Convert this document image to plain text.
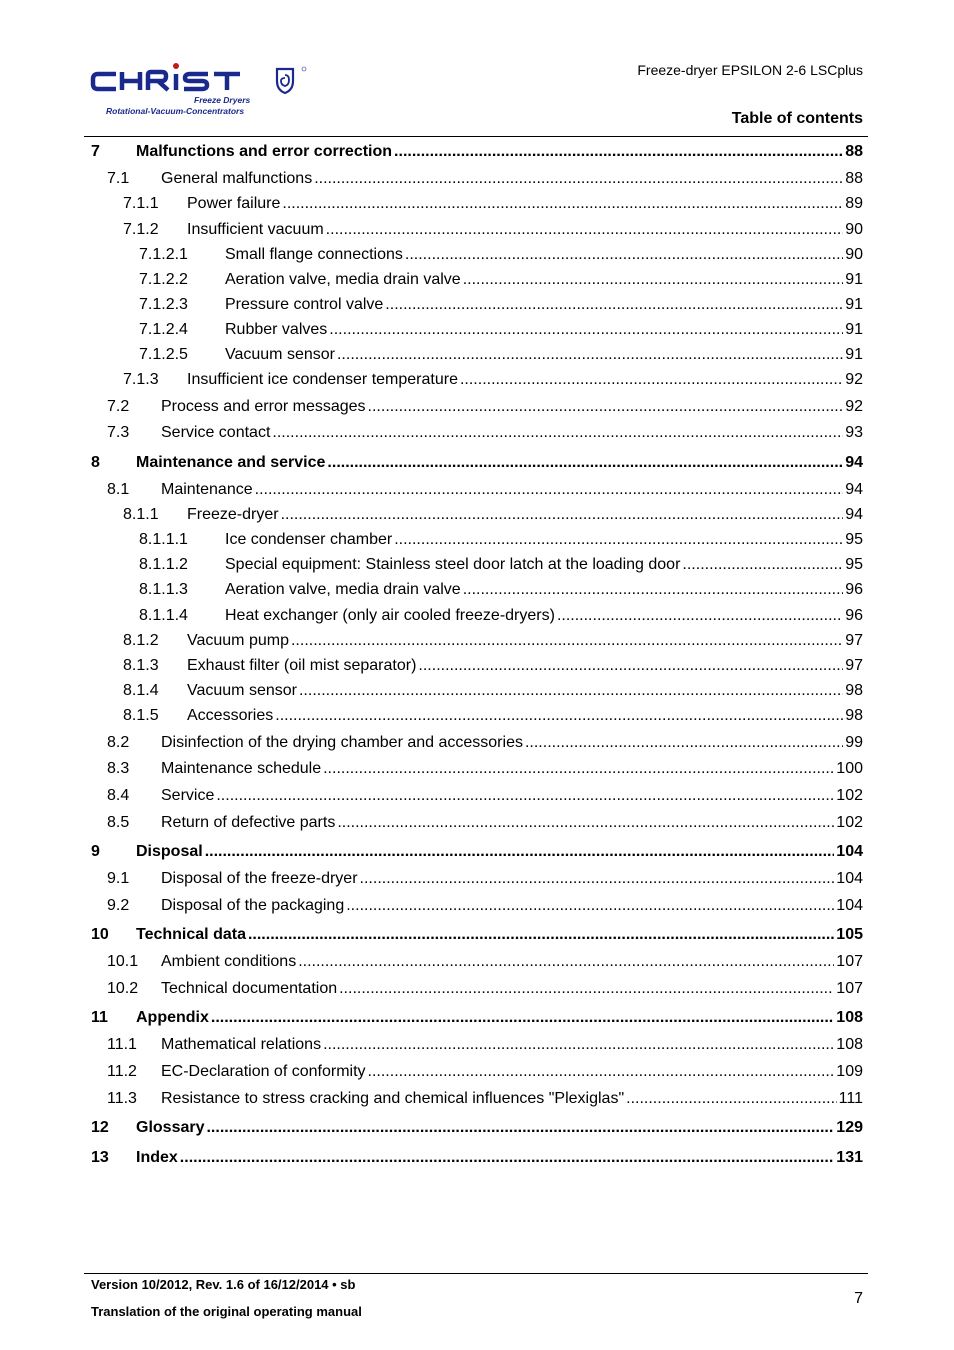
Freeze Dryers
Rotational-Vacuum-Concentrators
Freeze-dryer EPSILON 2-6 LSCplus
Table of contents
7 Malfunctions and error correction .....	88
7.1 General malfunctions .....	88
7.1.1 Power failure .....	89
7.1.2 Insufficient vacuum .....	90
7.1.2.1 Small flange connections .....	90
7.1.2.2 Aeration valve, media drain valve .....	91
7.1.2.3 Pressure control valve .....	91
7.1.2.4 Rubber valves .....	91
7.1.2.5 Vacuum sensor .....	91
7.1.3 Insufficient ice condenser temperature .....	92
7.2 Process and error messages .....	92
7.3 Service contact .....	93
8 Maintenance and service .....	94
8.1 Maintenance .....	94
8.1.1 Freeze-dryer .....	94
8.1.1.1 Ice condenser chamber .....	95
8.1.1.2 Special equipment: Stainless steel door latch at the loading door .....	95
8.1.1.3 Aeration valve, media drain valve .....	96
8.1.1.4 Heat exchanger (only air cooled freeze-dryers) .....	96
8.1.2 Vacuum pump .....	97
8.1.3 Exhaust filter (oil mist separator) .....	97
8.1.4 Vacuum sensor .....	98
8.1.5 Accessories .....	98
8.2 Disinfection of the drying chamber and accessories .....	99
8.3 Maintenance schedule .....	100
8.4 Service .....	102
8.5 Return of defective parts .....	102
9 Disposal .....	104
9.1 Disposal of the freeze-dryer .....	104
9.2 Disposal of the packaging .....	104
10 Technical data .....	105
10.1 Ambient conditions .....	107
10.2 Technical documentation .....	107
11 Appendix .....	108
11.1 Mathematical relations .....	108
11.2 EC-Declaration of conformity .....	109
11.3 Resistance to stress cracking and chemical influences "Plexiglas" .....	111
12 Glossary .....	129
13 Index .....	131
Version 10/2012, Rev. 1.6 of 16/12/2014 • sb
Translation of the original operating manual
7
